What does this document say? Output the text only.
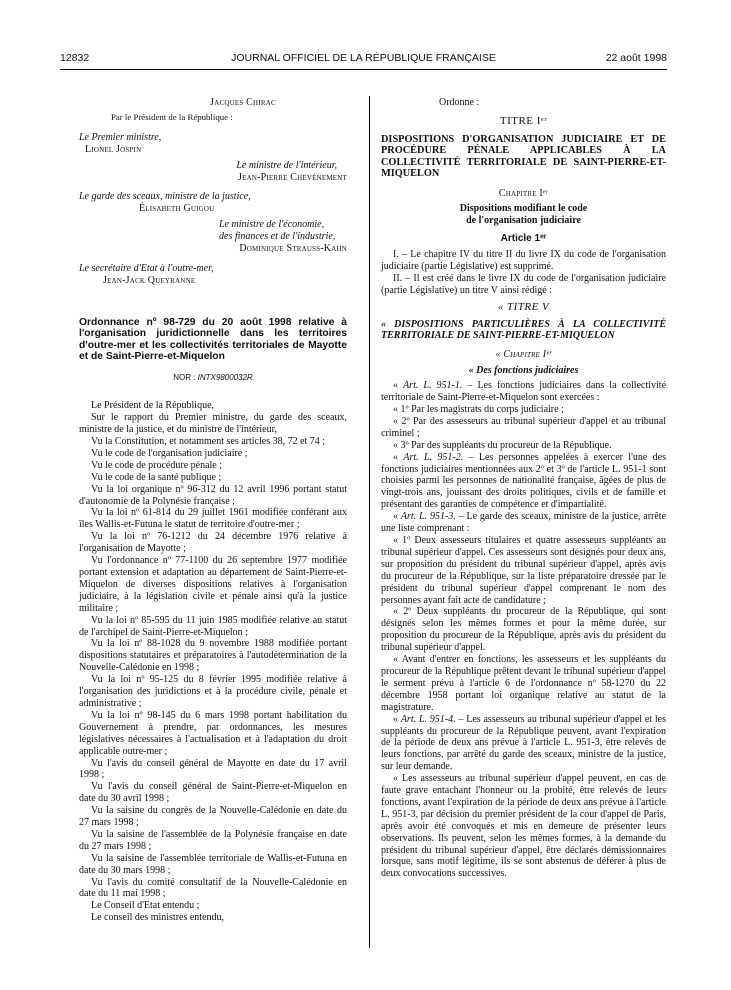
12832	JOURNAL OFFICIEL DE LA RÉPUBLIQUE FRANÇAISE	22 août 1998

Jacques Chirac

Par le Président de la République :

Le Premier ministre,

Lionel Jospin

Le ministre de l'intérieur,

Jean-Pierre Chevènement

Le garde des sceaux, ministre de la justice,

Élisabeth Guigou

Le ministre de l'économie,

des finances et de l'industrie,

Dominique Strauss-Kahn

Le secrétaire d'Etat à l'outre-mer,

Jean-Jack Queyranne

Ordonnance nº 98-729 du 20 août 1998 relative à l'organisation juridictionnelle dans les territoires d'outre-mer et les collectivités territoriales de Mayotte et de Saint-Pierre-et-Miquelon

NOR : INTX9800032R

Le Président de la République,

Sur le rapport du Premier ministre, du garde des sceaux, ministre de la justice, et du ministre de l'intérieur,

Vu la Constitution, et notamment ses articles 38, 72 et 74 ;

Vu le code de l'organisation judiciaire ;

Vu le code de procédure pénale ;

Vu le code de la santé publique ;

Vu la loi organique nº 96-312 du 12 avril 1996 portant statut d'autonomie de la Polynésie française ;

Vu la loi nº 61-814 du 29 juillet 1961 modifiée conférant aux îles Wallis-et-Futuna le statut de territoire d'outre-mer ;

Vu la loi nº 76-1212 du 24 décembre 1976 relative à l'organisation de Mayotte ;

Vu l'ordonnance nº 77-1100 du 26 septembre 1977 modifiée portant extension et adaptation au département de Saint-Pierre-et-Miquelon de diverses dispositions relatives à l'organisation judiciaire, à la législation civile et pénale ainsi qu'à la justice militaire ;

Vu la loi nº 85-595 du 11 juin 1985 modifiée relative au statut de l'archipel de Saint-Pierre-et-Miquelon ;

Vu la loi nº 88-1028 du 9 novembre 1988 modifiée portant dispositions statutaires et préparatoires à l'autodétermination de la Nouvelle-Calédonie en 1998 ;

Vu la loi nº 95-125 du 8 février 1995 modifiée relative à l'organisation des juridictions et à la procédure civile, pénale et administrative ;

Vu la loi nº 98-145 du 6 mars 1998 portant habilitation du Gouvernement à prendre, par ordonnances, les mesures législatives nécessaires à l'actualisation et à l'adaptation du droit applicable outre-mer ;

Vu l'avis du conseil général de Mayotte en date du 17 avril 1998 ;

Vu l'avis du conseil général de Saint-Pierre-et-Miquelon en date du 30 avril 1998 ;

Vu la saisine du congrès de la Nouvelle-Calédonie en date du 27 mars 1998 ;

Vu la saisine de l'assemblée de la Polynésie française en date du 27 mars 1998 ;

Vu la saisine de l'assemblée territoriale de Wallis-et-Futuna en date du 30 mars 1998 ;

Vu l'avis du comité consultatif de la Nouvelle-Calédonie en date du 11 mai 1998 ;

Le Conseil d'Etat entendu ;

Le conseil des ministres entendu,

Ordonne :

TITRE Iᵉʳ

DISPOSITIONS D'ORGANISATION JUDICIAIRE ET DE PROCÉDURE PÉNALE APPLICABLES À LA COLLECTIVITÉ TERRITORIALE DE SAINT-PIERRE-ET-MIQUELON

Chapitre Iᵉʳ

Dispositions modifiant le code

de l'organisation judiciaire

Article 1ᵉʳ

I. – Le chapitre IV du titre II du livre IX du code de l'organisation judiciaire (partie Législative) est supprimé.

II. – Il est créé dans le livre IX du code de l'organisation judiciaire (partie Législative) un titre V ainsi rédigé :

« TITRE V

« DISPOSITIONS PARTICULIÈRES À LA COLLECTIVITÉ TERRITORIALE DE SAINT-PIERRE-ET-MIQUELON

« Chapitre Iᵉʳ

« Des fonctions judiciaires

« Art. L. 951-1. – Les fonctions judiciaires dans la collectivité territoriale de Saint-Pierre-et-Miquelon sont exercées :

« 1º Par les magistrats du corps judiciaire ;

« 2º Par des assesseurs au tribunal supérieur d'appel et au tribunal criminel ;

« 3º Par des suppléants du procureur de la République.

« Art. L. 951-2. – Les personnes appelées à exercer l'une des fonctions judiciaires mentionnées aux 2º et 3º de l'article L. 951-1 sont choisies parmi les personnes de nationalité française, âgées de plus de vingt-trois ans, jouissant des droits politiques, civils et de famille et présentant des garanties de compétence et d'impartialité.

« Art. L. 951-3. – Le garde des sceaux, ministre de la justice, arrête une liste comprenant :

« 1º Deux assesseurs titulaires et quatre assesseurs suppléants au tribunal supérieur d'appel. Ces assesseurs sont désignés pour deux ans, sur proposition du président du tribunal supérieur d'appel, après avis du procureur de la République, sur la liste préparatoire dressée par le président du tribunal supérieur d'appel comprenant le nom des personnes ayant fait acte de candidature ;

« 2º Deux suppléants du procureur de la République, qui sont désignés selon les mêmes formes et pour la même durée, sur proposition du procureur de la République, après avis du président du tribunal supérieur d'appel.

« Avant d'entrer en fonctions, les assesseurs et les suppléants du procureur de la République prêtent devant le tribunal supérieur d'appel le serment prévu à l'article 6 de l'ordonnance nº 58-1270 du 22 décembre 1958 portant loi organique relative au statut de la magistrature.

« Art. L. 951-4. – Les assesseurs au tribunal supérieur d'appel et les suppléants du procureur de la République peuvent, avant l'expiration de la période de deux ans prévue à l'article L. 951-3, être relevés de leurs fonctions, par arrêté du garde des sceaux, ministre de la justice, sur leur demande.

« Les assesseurs au tribunal supérieur d'appel peuvent, en cas de faute grave entachant l'honneur ou la probité, être relevés de leurs fonctions, avant l'expiration de la période de deux ans prévue à l'article L. 951-3, par décision du premier président de la cour d'appel de Paris, après avoir été convoqués et mis en demeure de présenter leurs observations. Ils peuvent, selon les mêmes formes, à la demande du président du tribunal supérieur d'appel, être déclarés démissionnaires lorsque, sans motif légitime, ils se sont abstenus de déférer à plus de deux convocations successives.
